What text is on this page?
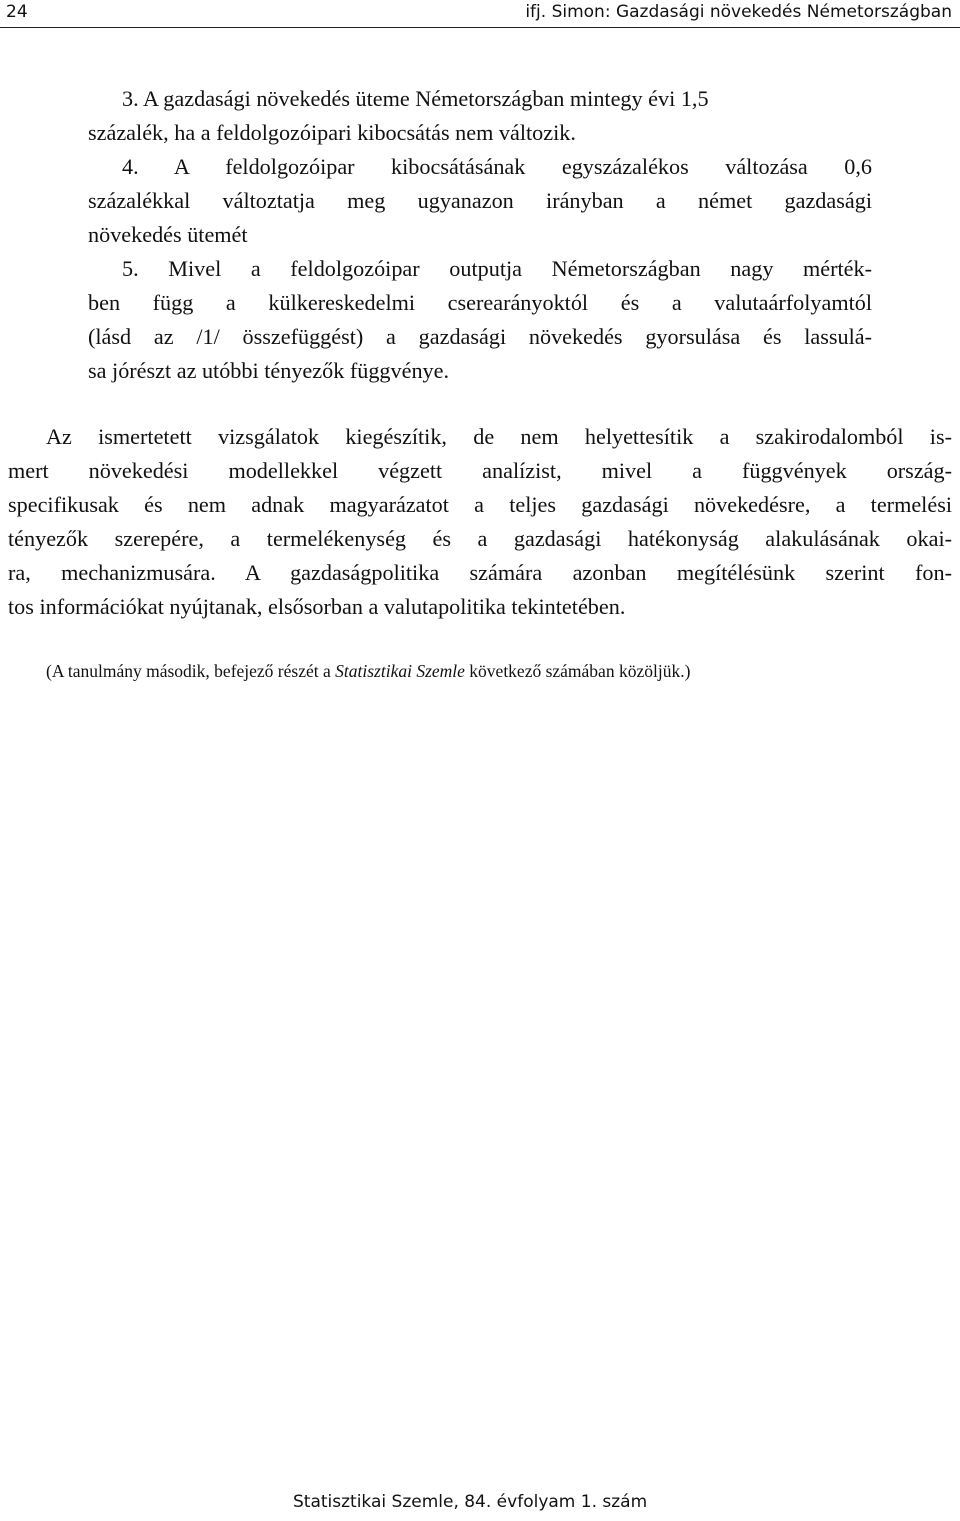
24	ifj. Simon: Gazdasági növekedés Németországban
3. A gazdasági növekedés üteme Németországban mintegy évi 1,5
százalék, ha a feldolgozóipari kibocsátás nem változik.
4. A feldolgozóipar kibocsátásának egyszázalékos változása 0,6
százalékkal változtatja meg ugyanazon irányban a német gazdasági
növekedés ütemét
5. Mivel a feldolgozóipar outputja Németországban nagy mérték-
ben függ a külkereskedelmi cserearányoktól és a valutaárfolyamtól
(lásd az /1/ összefüggést) a gazdasági növekedés gyorsulása és lassulá-
sa jórészt az utóbbi tényezők függvénye.
Az ismertetett vizsgálatok kiegészítik, de nem helyettesítik a szakirodalomból is-
mert növekedési modellekkel végzett analízist, mivel a függvények ország-
specifikusak és nem adnak magyarázatot a teljes gazdasági növekedésre, a termelési
tényezők szerepére, a termelékenység és a gazdasági hatékonyság alakulásának okai-
ra, mechanizmusára. A gazdaságpolitika számára azonban megítélésünk szerint fon-
tos információkat nyújtanak, elsősorban a valutapolitika tekintetében.
(A tanulmány második, befejező részét a Statisztikai Szemle következő számában közöljük.)
Statisztikai Szemle, 84. évfolyam 1. szám
